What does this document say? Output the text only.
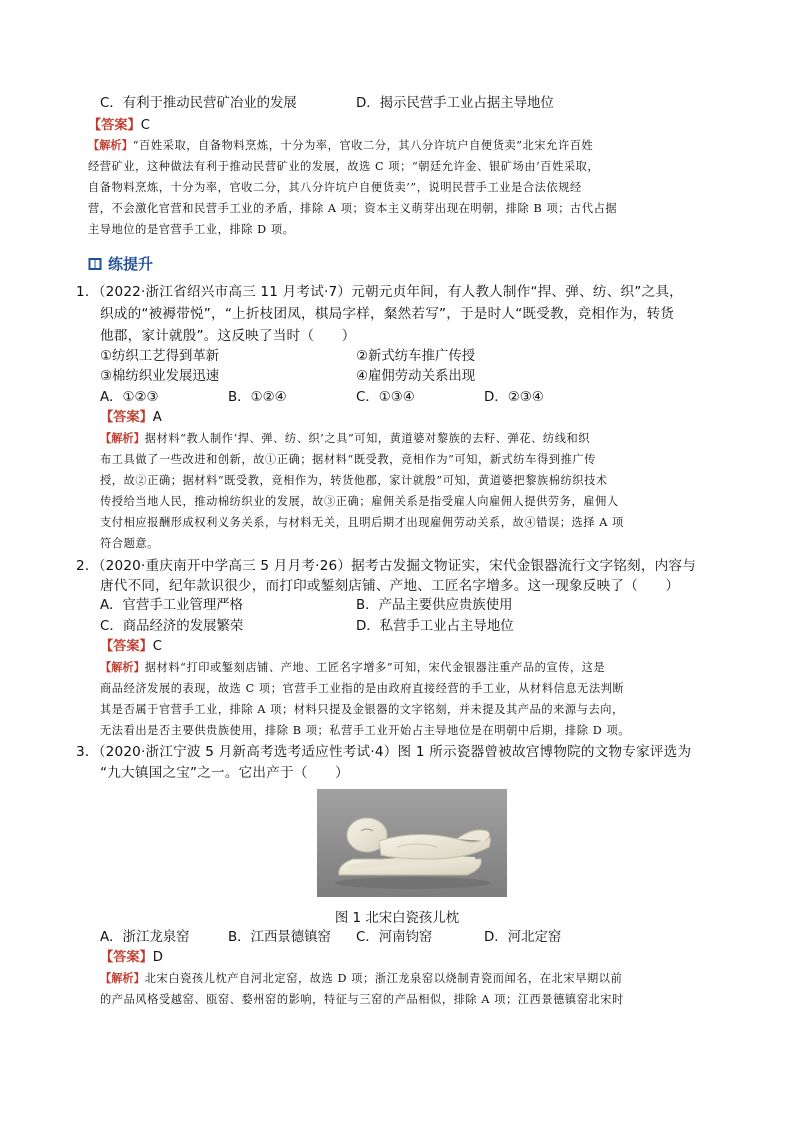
C．有利于推动民营矿冶业的发展	D．揭示民营手工业占据主导地位
【答案】C
【解析】“百姓采取，自备物料烹炼，十分为率，官收二分，其八分许坑户自便货卖”北宋允许百姓
经营矿业，这种做法有利于推动民营矿业的发展，故选 C 项；“朝廷允许金、银矿场由‘百姓采取，
自备物料烹炼，十分为率，官收二分，其八分许坑户自便货卖’”，说明民营手工业是合法依规经
营，不会激化官营和民营手工业的矛盾，排除 A 项；资本主义萌芽出现在明朝，排除 B 项；古代占据
主导地位的是官营手工业，排除 D 项。
练提升
1．（2022·浙江省绍兴市高三 11 月考试·7）元朝元贞年间，有人教人制作“捍、弹、纺、织”之具，
织成的“被褥带悦”，“上折枝团凤，棋局字样，粲然若写”，于是时人“既受教，竞相作为，转货
他郡，家计就殷”。这反映了当时（　　）
①纺织工艺得到革新	②新式纺车推广传授
③棉纺织业发展迅速	④雇佣劳动关系出现
A．①②③	B．①②④	C．①③④	D．②③④
【答案】A
【解析】据材料“教人制作‘捍、弹、纺、织’之具”可知，黄道婆对黎族的去籽、弹花、纺线和织
布工具做了一些改进和创新，故①正确；据材料“既受教，竞相作为”可知，新式纺车得到推广传
授，故②正确；据材料“既受教，竞相作为，转货他郡，家计就殷”可知，黄道婆把黎族棉纺织技术
传授给当地人民，推动棉纺织业的发展，故③正确；雇佣关系是指受雇人向雇佣人提供劳务，雇佣人
支付相应报酬形成权利义务关系，与材料无关，且明后期才出现雇佣劳动关系，故④错误；选择 A 项
符合题意。
2．（2020·重庆南开中学高三 5 月月考·26）据考古发掘文物证实，宋代金银器流行文字铭刻，内容与
唐代不同，纪年款识很少，而打印或錾刻店铺、产地、工匠名字增多。这一现象反映了（　　）
A．官营手工业管理严格	B．产品主要供应贵族使用
C．商品经济的发展繁荣	D．私营手工业占主导地位
【答案】C
【解析】据材料“打印或錾刻店铺、产地、工匠名字增多”可知，宋代金银器注重产品的宣传，这是
商品经济发展的表现，故选 C 项；官营手工业指的是由政府直接经营的手工业，从材料信息无法判断
其是否属于官营手工业，排除 A 项；材料只提及金银器的文字铭刻，并未提及其产品的来源与去向，
无法看出是否主要供贵族使用，排除 B 项；私营手工业开始占主导地位是在明朝中后期，排除 D 项。
3．（2020·浙江宁波 5 月新高考选考适应性考试·4）图 1 所示瓷器曾被故宫博物院的文物专家评选为
“九大镇国之宝”之一。它出产于（　　）
图 1 北宋白瓷孩儿枕
A．浙江龙泉窑	B．江西景德镇窑 C．河南钧窑	D．河北定窑
【答案】D
【解析】北宋白瓷孩儿枕产自河北定窑，故选 D 项；浙江龙泉窑以烧制青瓷而闻名，在北宋早期以前
的产品风格受越窑、瓯窑、婺州窑的影响，特征与三窑的产品相似，排除 A 项；江西景德镇窑北宋时
